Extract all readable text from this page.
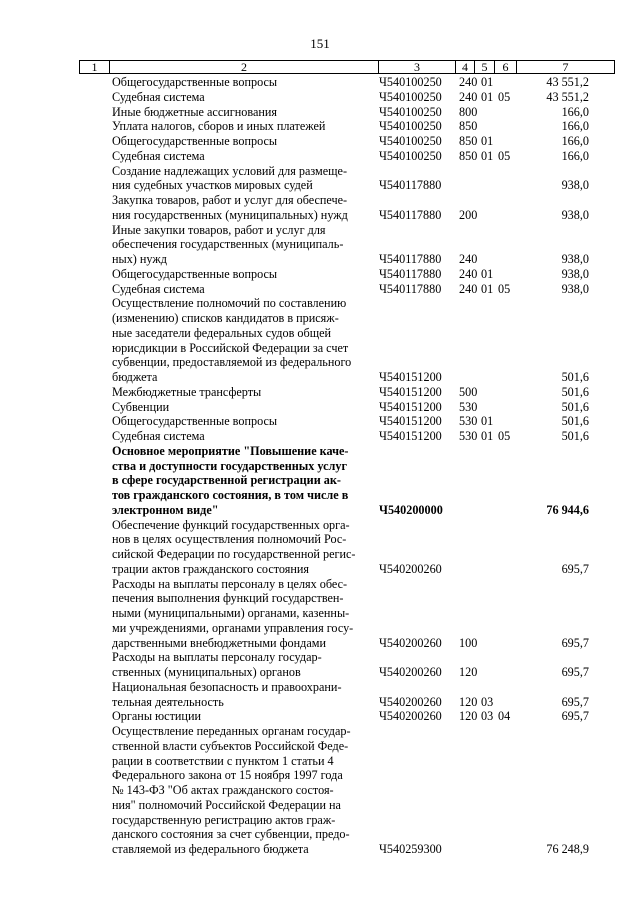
151
1	2	3	4	5	6	7
Общегосударственные вопросы	Ч540100250	240 01	43 551,2
Судебная система	Ч540100250	240 01 05	43 551,2
Иные бюджетные ассигнования	Ч540100250	800	166,0
Уплата налогов, сборов и иных платежей	Ч540100250	850	166,0
Общегосударственные вопросы	Ч540100250	850 01	166,0
Судебная система	Ч540100250	850 01 05	166,0
Создание надлежащих условий для размеще-
ния судебных участков мировых судей	Ч540117880	938,0
Закупка товаров, работ и услуг для обеспече-
ния государственных (муниципальных) нужд	Ч540117880	200	938,0
Иные закупки товаров, работ и услуг для
обеспечения государственных (муниципаль-
ных) нужд	Ч540117880	240	938,0
Общегосударственные вопросы	Ч540117880	240 01	938,0
Судебная система	Ч540117880	240 01 05	938,0
Осуществление полномочий по составлению
(изменению) списков кандидатов в присяж-
ные заседатели федеральных судов общей
юрисдикции в Российской Федерации за счет
субвенции, предоставляемой из федерального
бюджета	Ч540151200	501,6
Межбюджетные трансферты	Ч540151200	500	501,6
Субвенции	Ч540151200	530	501,6
Общегосударственные вопросы	Ч540151200	530 01	501,6
Судебная система	Ч540151200	530 01 05	501,6
Основное мероприятие "Повышение каче-
ства и доступности государственных услуг
в сфере государственной регистрации ак-
тов гражданского состояния, в том числе в
электронном виде"	Ч540200000	76 944,6
Обеспечение функций государственных орга-
нов в целях осуществления полномочий Рос-
сийской Федерации по государственной регис-
трации актов гражданского состояния	Ч540200260	695,7
Расходы на выплаты персоналу в целях обес-
печения выполнения функций государствен-
ными (муниципальными) органами, казенны-
ми учреждениями, органами управления госу-
дарственными внебюджетными фондами	Ч540200260	100	695,7
Расходы на выплаты персоналу государ-
ственных (муниципальных) органов	Ч540200260	120	695,7
Национальная безопасность и правоохрани-
тельная деятельность	Ч540200260	120 03	695,7
Органы юстиции	Ч540200260	120 03 04	695,7
Осуществление переданных органам государ-
ственной власти субъектов Российской Феде-
рации в соответствии с пунктом 1 статьи 4
Федерального закона от 15 ноября 1997 года
№ 143-ФЗ "Об актах гражданского состоя-
ния" полномочий Российской Федерации на
государственную регистрацию актов граж-
данского состояния за счет субвенции, предо-
ставляемой из федерального бюджета	Ч540259300	76 248,9
